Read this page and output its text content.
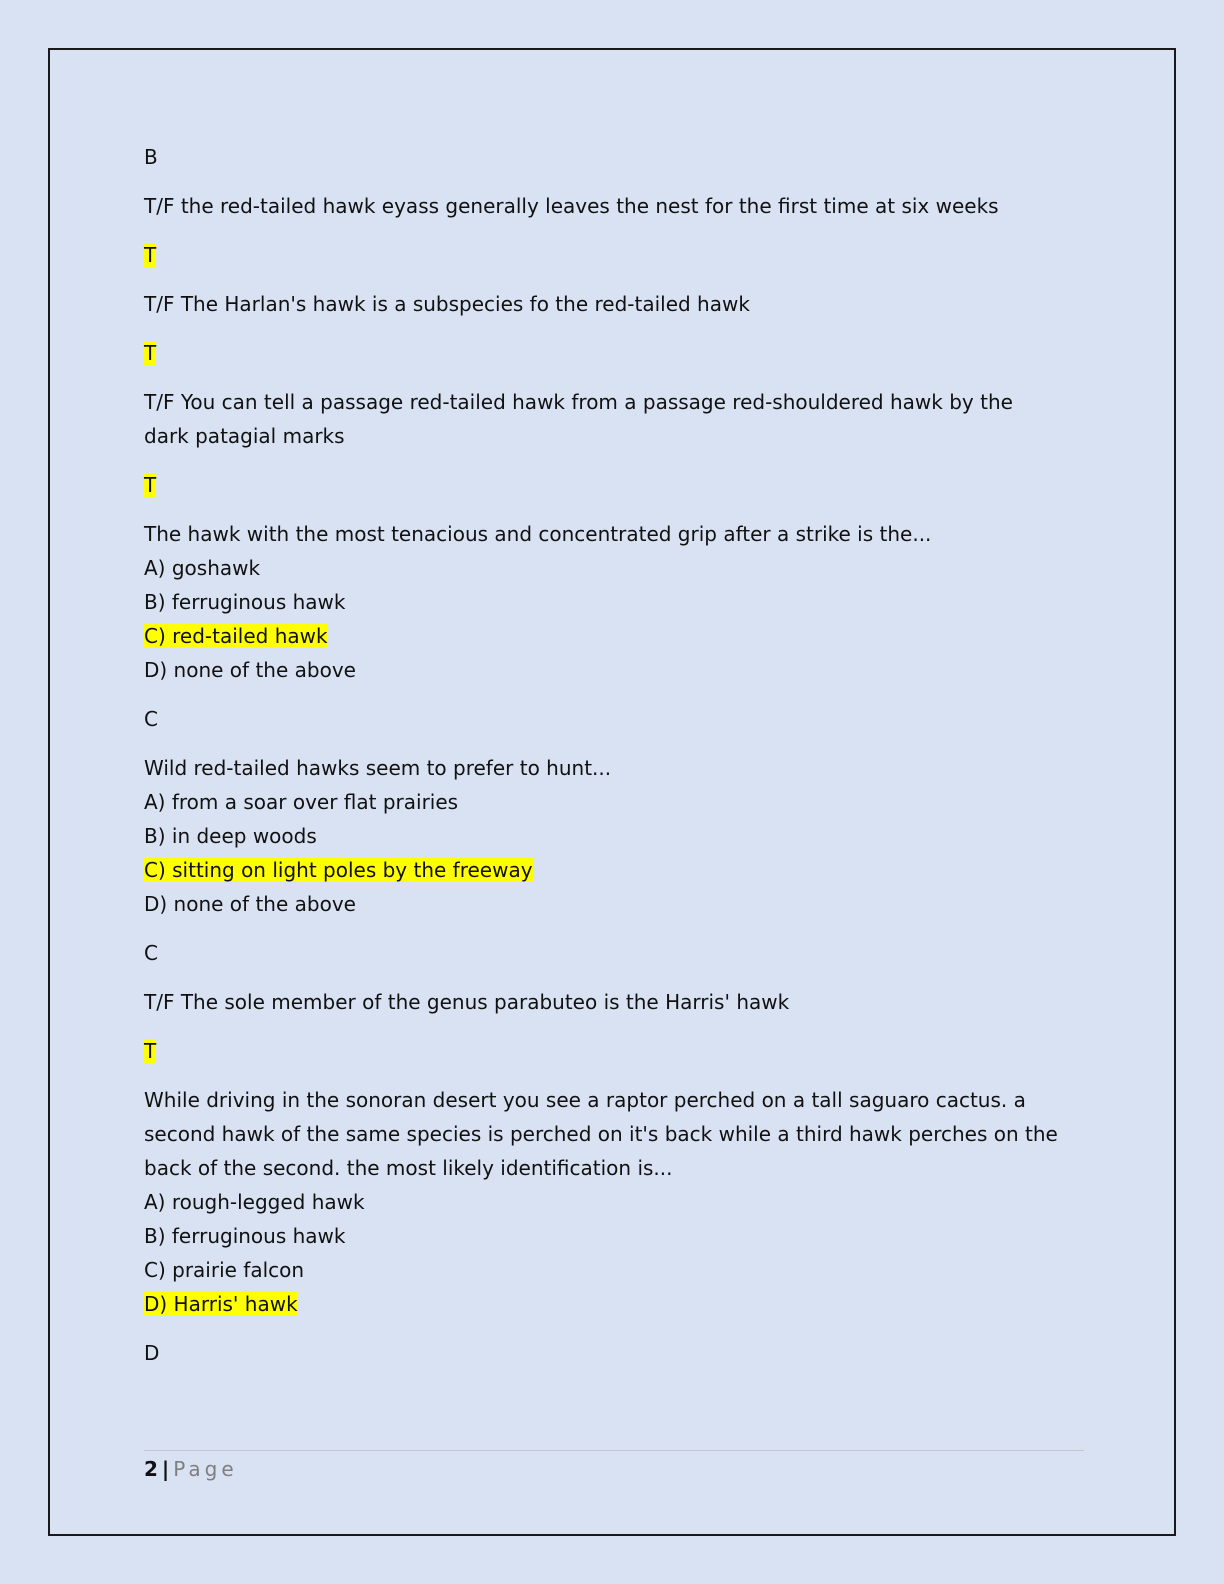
B

T/F the red-tailed hawk eyass generally leaves the nest for the first time at six weeks

T

T/F The Harlan's hawk is a subspecies fo the red-tailed hawk

T

T/F You can tell a passage red-tailed hawk from a passage red-shouldered hawk by the dark patagial marks

T

The hawk with the most tenacious and concentrated grip after a strike is the...

A) goshawk

B) ferruginous hawk

C) red-tailed hawk

D) none of the above

C

Wild red-tailed hawks seem to prefer to hunt...

A) from a soar over flat prairies

B) in deep woods

C) sitting on light poles by the freeway

D) none of the above

C

T/F The sole member of the genus parabuteo is the Harris' hawk

T

While driving in the sonoran desert you see a raptor perched on a tall saguaro cactus. a second hawk of the same species is perched on it's back while a third hawk perches on the back of the second. the most likely identification is...

A) rough-legged hawk

B) ferruginous hawk

C) prairie falcon

D) Harris' hawk

D

2 | Page
